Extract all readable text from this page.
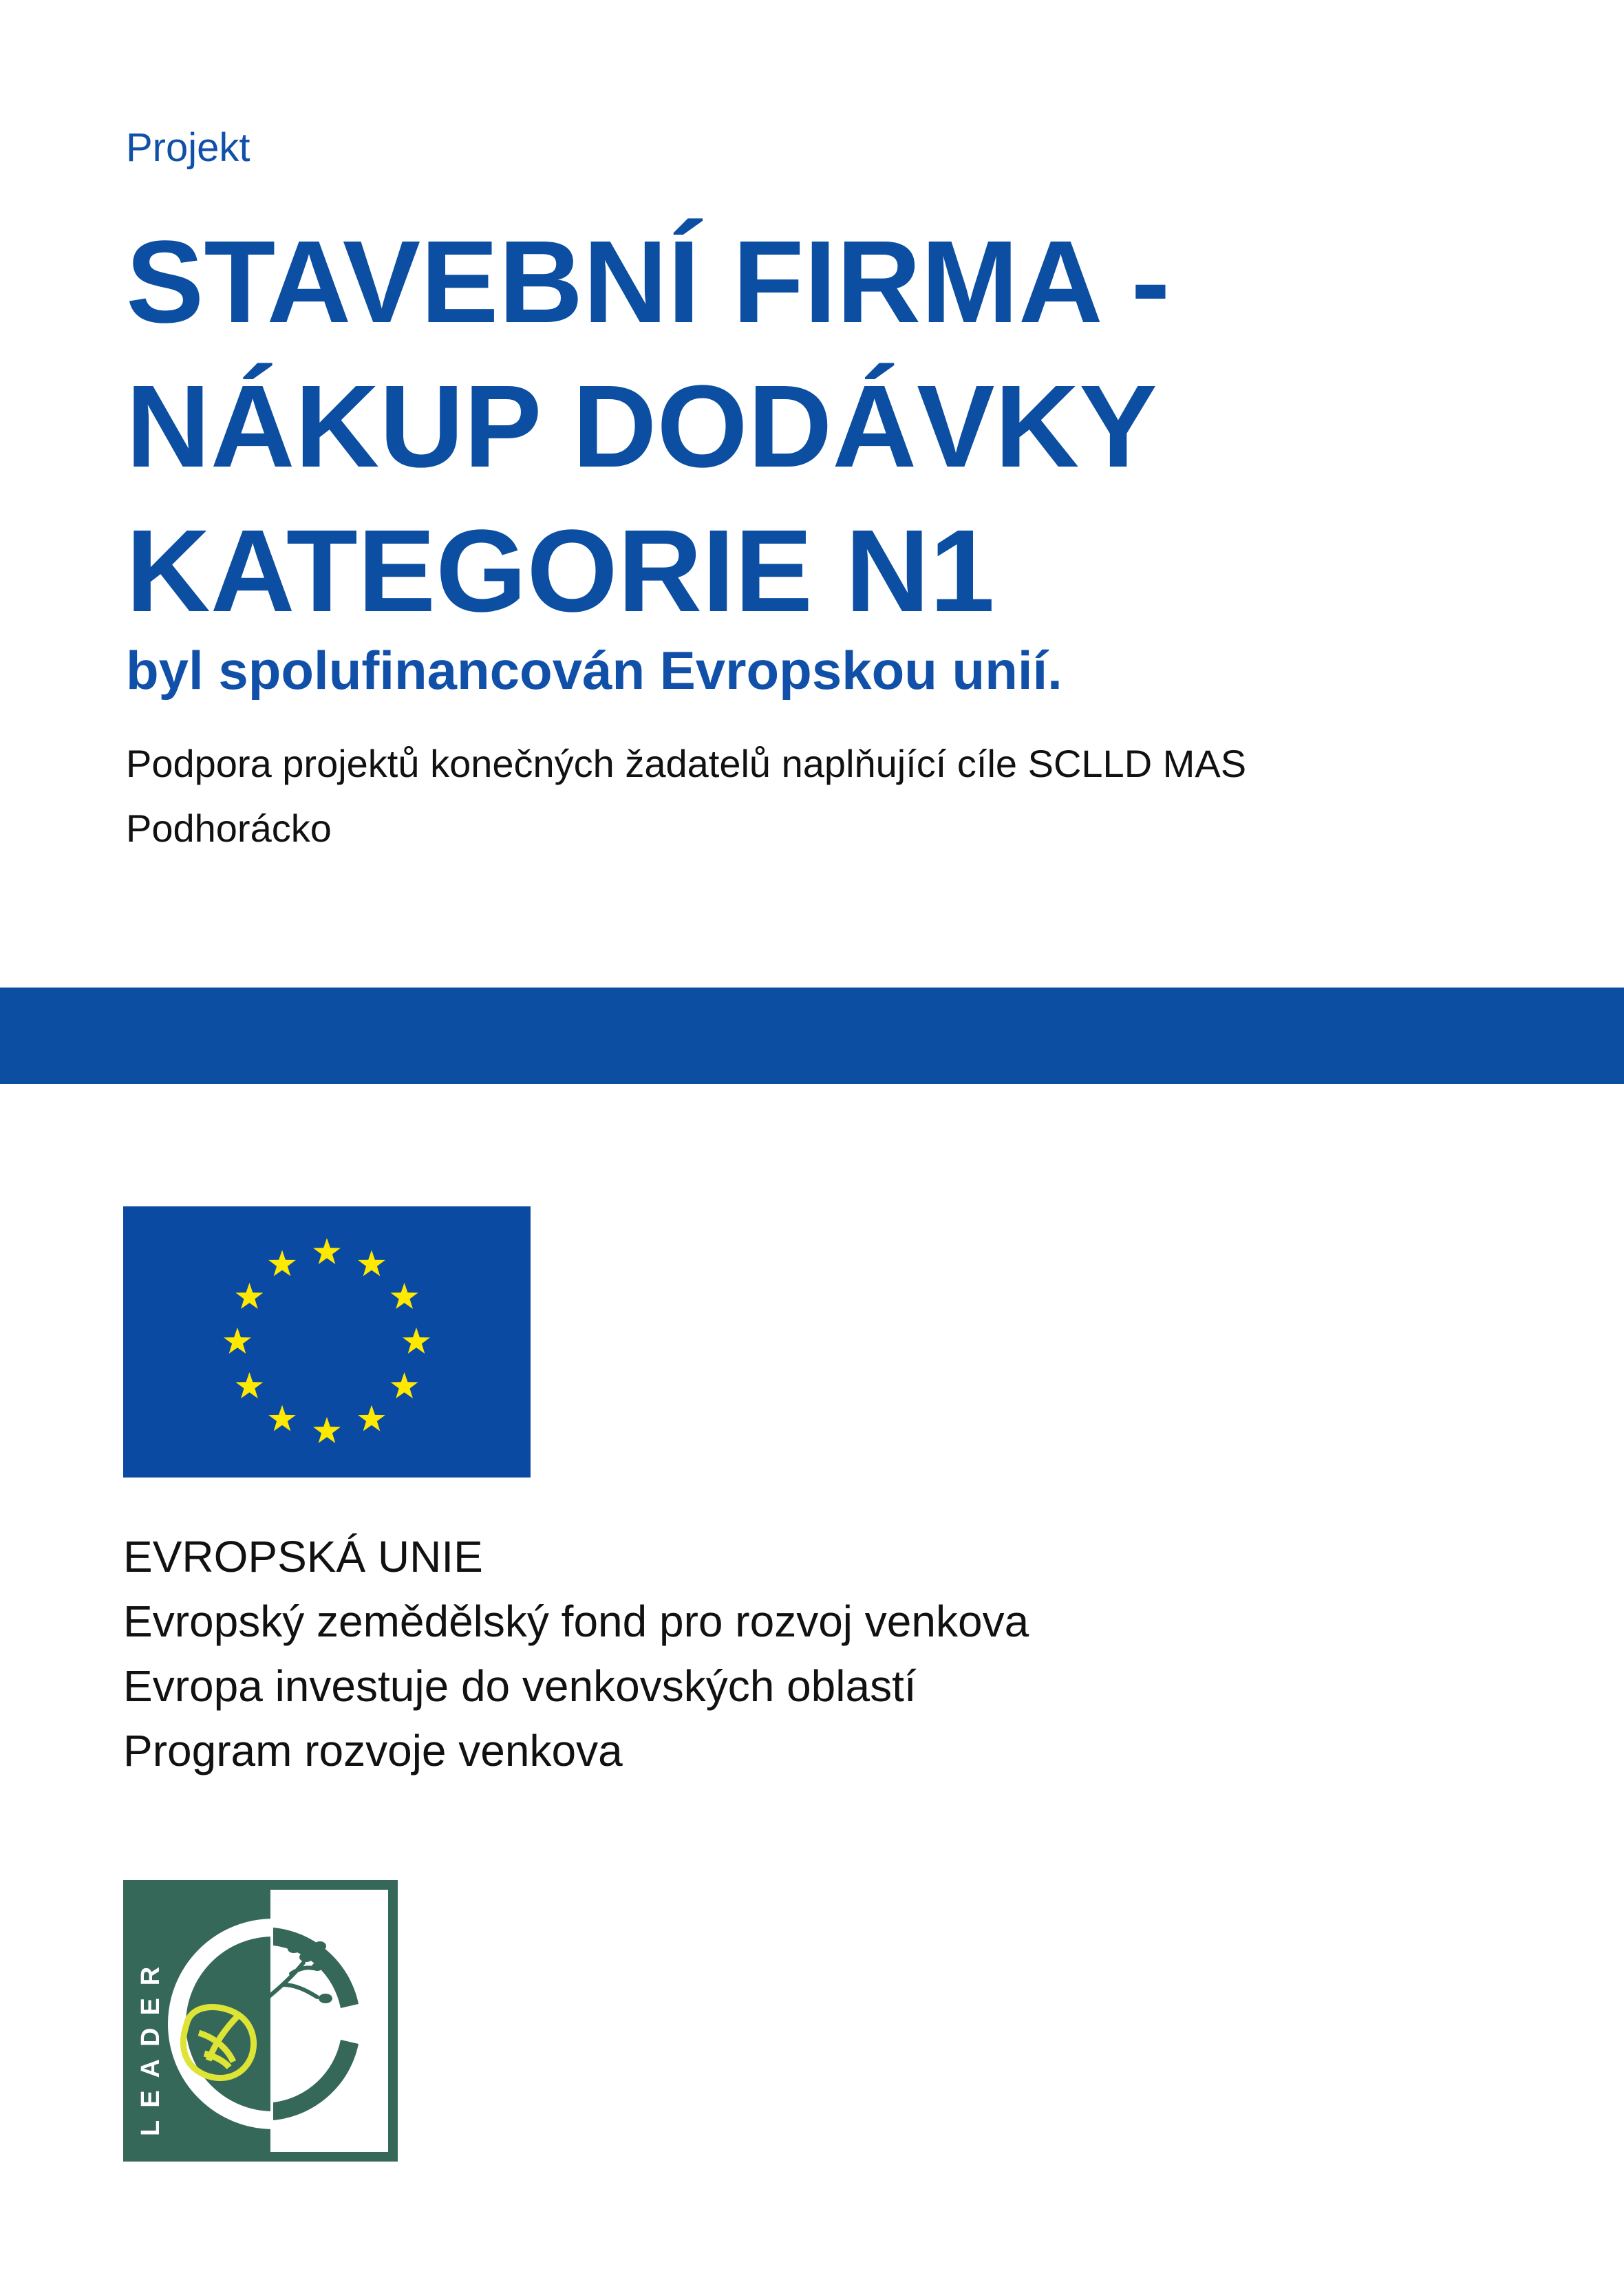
Projekt
STAVEBNÍ FIRMA -
NÁKUP DODÁVKY
KATEGORIE N1
byl spolufinancován Evropskou unií.
Podpora projektů konečných žadatelů naplňující cíle SCLLD MAS
Podhorácko
EVROPSKÁ UNIE
Evropský zemědělský fond pro rozvoj venkova
Evropa investuje do venkovských oblastí
Program rozvoje venkova
LEADER
